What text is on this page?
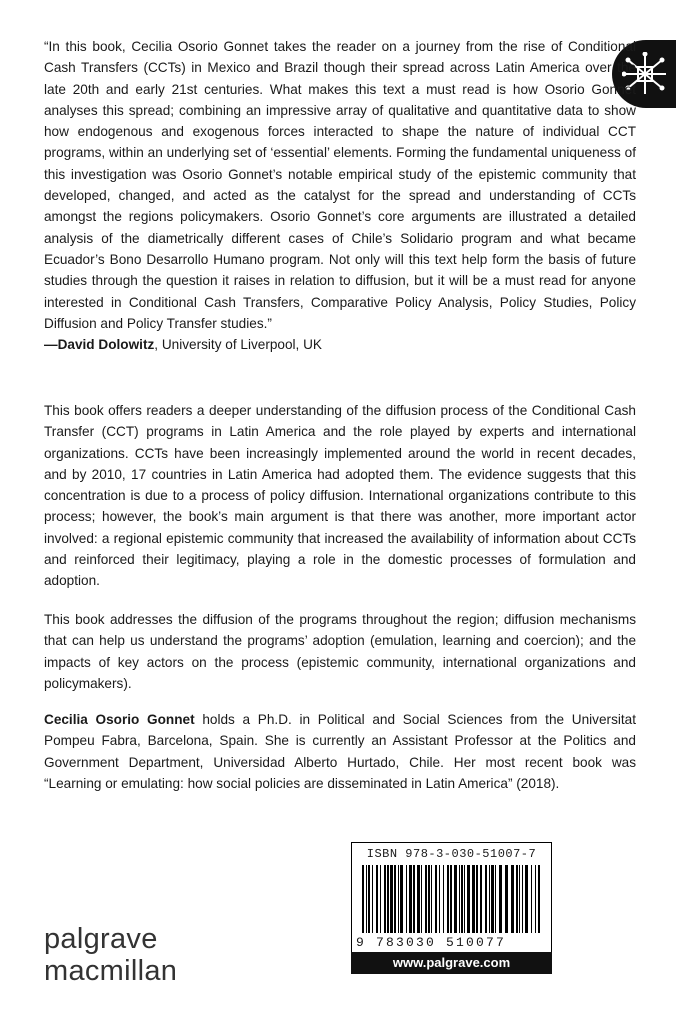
“In this book, Cecilia Osorio Gonnet takes the reader on a journey from the rise of Conditional Cash Transfers (CCTs) in Mexico and Brazil though their spread across Latin America over the late 20th and early 21st centuries. What makes this text a must read is how Osorio Gonnet analyses this spread; combining an impressive array of qualitative and quantitative data to show how endogenous and exogenous forces interacted to shape the nature of individual CCT programs, within an underlying set of ‘essential’ elements. Forming the fundamental uniqueness of this investigation was Osorio Gonnet’s notable empirical study of the epistemic community that developed, changed, and acted as the catalyst for the spread and understanding of CCTs amongst the regions policymakers. Osorio Gonnet’s core arguments are illustrated a detailed analysis of the diametrically different cases of Chile’s Solidario program and what became Ecuador’s Bono Desarrollo Humano program. Not only will this text help form the basis of future studies through the question it raises in relation to diffusion, but it will be a must read for anyone interested in Conditional Cash Transfers, Comparative Policy Analysis, Policy Studies, Policy Diffusion and Policy Transfer studies.”

—David Dolowitz, University of Liverpool, UK

This book offers readers a deeper understanding of the diffusion process of the Conditional Cash Transfer (CCT) programs in Latin America and the role played by experts and international organizations. CCTs have been increasingly implemented around the world in recent decades, and by 2010, 17 countries in Latin America had adopted them. The evidence suggests that this concentration is due to a process of policy diffusion. International organizations contribute to this process; however, the book’s main argument is that there was another, more important actor involved: a regional epistemic community that increased the availability of information about CCTs and reinforced their legitimacy, playing a role in the domestic processes of formulation and adoption.

This book addresses the diffusion of the programs throughout the region; diffusion mechanisms that can help us understand the programs’ adoption (emulation, learning and coercion); and the impacts of key actors on the process (epistemic community, international organizations and policymakers).

Cecilia Osorio Gonnet holds a Ph.D. in Political and Social Sciences from the Universitat Pompeu Fabra, Barcelona, Spain. She is currently an Assistant Professor at the Politics and Government Department, Universidad Alberto Hurtado, Chile. Her most recent book was “Learning or emulating: how social policies are disseminated in Latin America” (2018).

palgrave
macmillan
ISBN 978-3-030-51007-7
9 783030 510077
www.palgrave.com
